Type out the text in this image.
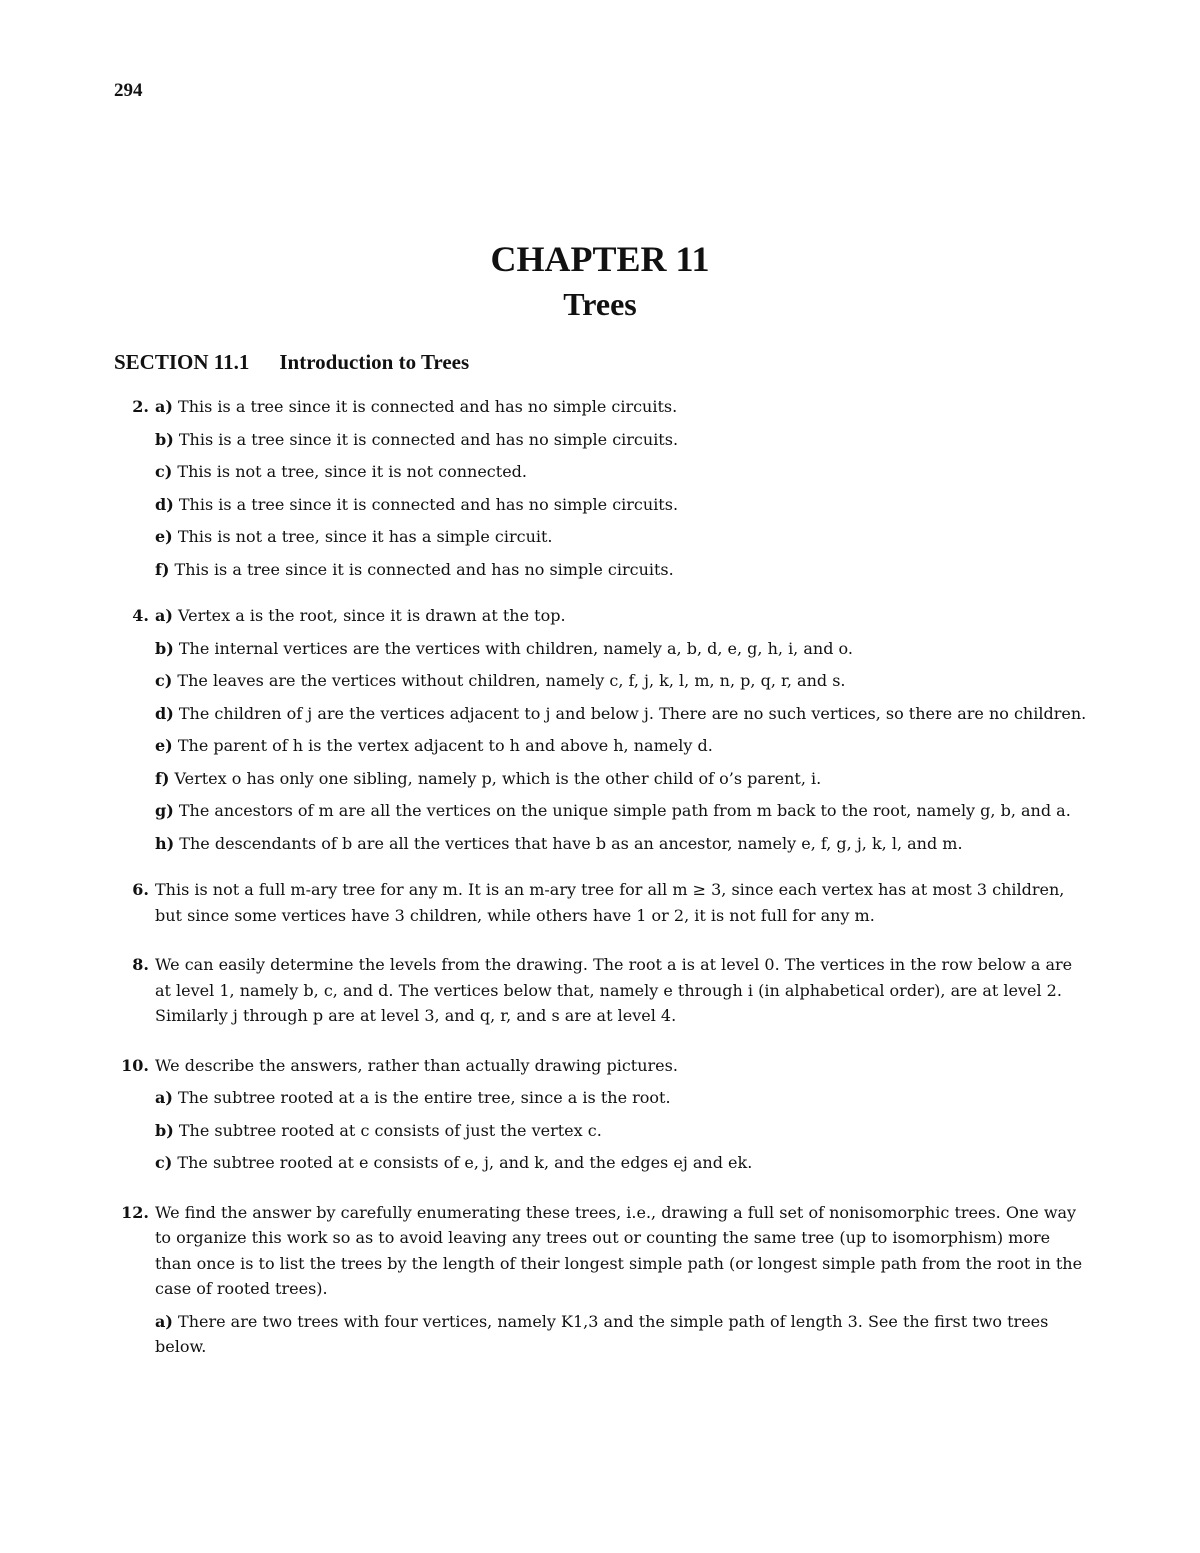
294
CHAPTER 11
Trees
SECTION 11.1 Introduction to Trees
2. a) This is a tree since it is connected and has no simple circuits.

b) This is a tree since it is connected and has no simple circuits.

c) This is not a tree, since it is not connected.

d) This is a tree since it is connected and has no simple circuits.

e) This is not a tree, since it has a simple circuit.

f) This is a tree since it is connected and has no simple circuits.

4. a) Vertex a is the root, since it is drawn at the top.

b) The internal vertices are the vertices with children, namely a, b, d, e, g, h, i, and o.

c) The leaves are the vertices without children, namely c, f, j, k, l, m, n, p, q, r, and s.

d) The children of j are the vertices adjacent to j and below j. There are no such vertices, so there are no children.

e) The parent of h is the vertex adjacent to h and above h, namely d.

f) Vertex o has only one sibling, namely p, which is the other child of o’s parent, i.

g) The ancestors of m are all the vertices on the unique simple path from m back to the root, namely g, b, and a.

h) The descendants of b are all the vertices that have b as an ancestor, namely e, f, g, j, k, l, and m.

6. This is not a full m-ary tree for any m. It is an m-ary tree for all m ≥ 3, since each vertex has at most 3 children, but since some vertices have 3 children, while others have 1 or 2, it is not full for any m.

8. We can easily determine the levels from the drawing. The root a is at level 0. The vertices in the row below a are at level 1, namely b, c, and d. The vertices below that, namely e through i (in alphabetical order), are at level 2. Similarly j through p are at level 3, and q, r, and s are at level 4.

10. We describe the answers, rather than actually drawing pictures.

a) The subtree rooted at a is the entire tree, since a is the root.

b) The subtree rooted at c consists of just the vertex c.

c) The subtree rooted at e consists of e, j, and k, and the edges ej and ek.

12. We find the answer by carefully enumerating these trees, i.e., drawing a full set of nonisomorphic trees. One way to organize this work so as to avoid leaving any trees out or counting the same tree (up to isomorphism) more than once is to list the trees by the length of their longest simple path (or longest simple path from the root in the case of rooted trees).

a) There are two trees with four vertices, namely K1,3 and the simple path of length 3. See the first two trees below.
